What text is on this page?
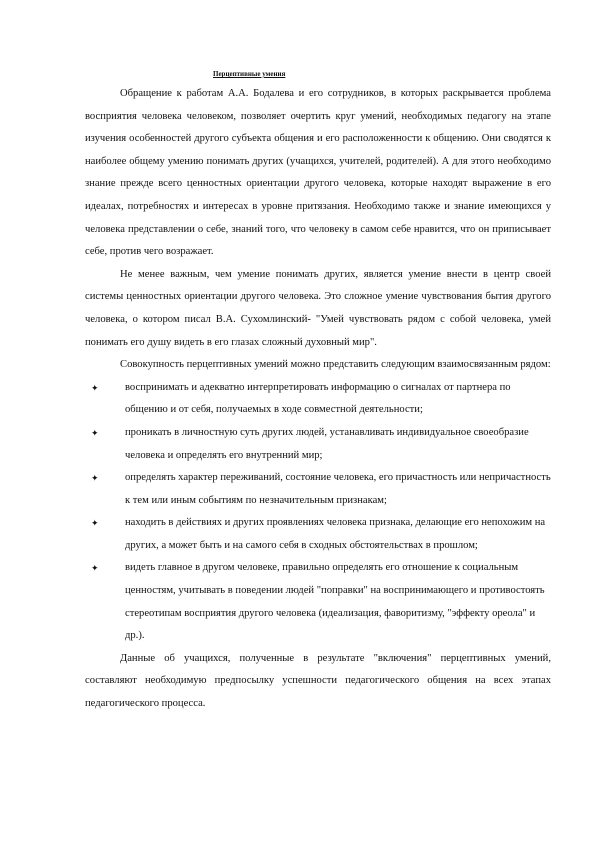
Перцептивные умения

Обращение к работам А.А. Бодалева и его сотрудников, в которых раскрывается проблема восприятия человека человеком, позволяет очертить круг умений, необходимых педагогу на этапе изучения особенностей другого субъекта общения и его расположенности к общению. Они сводятся к наиболее общему умению понимать других (учащихся, учителей, родителей). А для этого необходимо знание прежде всего ценностных ориентации другого человека, которые находят выражение в его идеалах, потребностях и интересах в уровне притязания. Необходимо также и знание имеющихся у человека представлении о себе, знаний того, что человеку в самом себе нравится, что он приписывает себе, против чего возражает.

Не менее важным, чем умение понимать других, является умение внести в центр своей системы ценностных ориентации другого человека. Это сложное умение чувствования бытия другого человека, о котором писал В.А. Сухомлинский- "Умей чувствовать рядом с собой человека, умей понимать его душу видеть в его глазах сложный духовный мир".

Совокупность перцептивных умений можно представить следующим взаимосвязанным рядом:

✦ воспринимать и адекватно интерпретировать информацию о сигналах от партнера по общению и от себя, получаемых в ходе совместной деятельности;
✦ проникать в личностную суть других людей, устанавливать индивидуальное своеобразие человека и определять его внутренний мир;
✦ определять характер переживаний, состояние человека, его причастность или непричастность к тем или иным событиям по незначительным признакам;
✦ находить в действиях и других проявлениях человека признака, делающие его непохожим на других, а может быть и на самого себя в сходных обстоятельствах в прошлом;
✦ видеть главное в другом человеке, правильно определять его отношение к социальным ценностям, учитывать в поведении людей "поправки" на воспринимающего и противостоять стереотипам восприятия другого человека (идеализация, фаворитизму, "эффекту ореола" и др.).

Данные об учащихся, полученные в результате "включения" перцептивных умений, составляют необходимую предпосылку успешности педагогического общения на всех этапах педагогического процесса.
